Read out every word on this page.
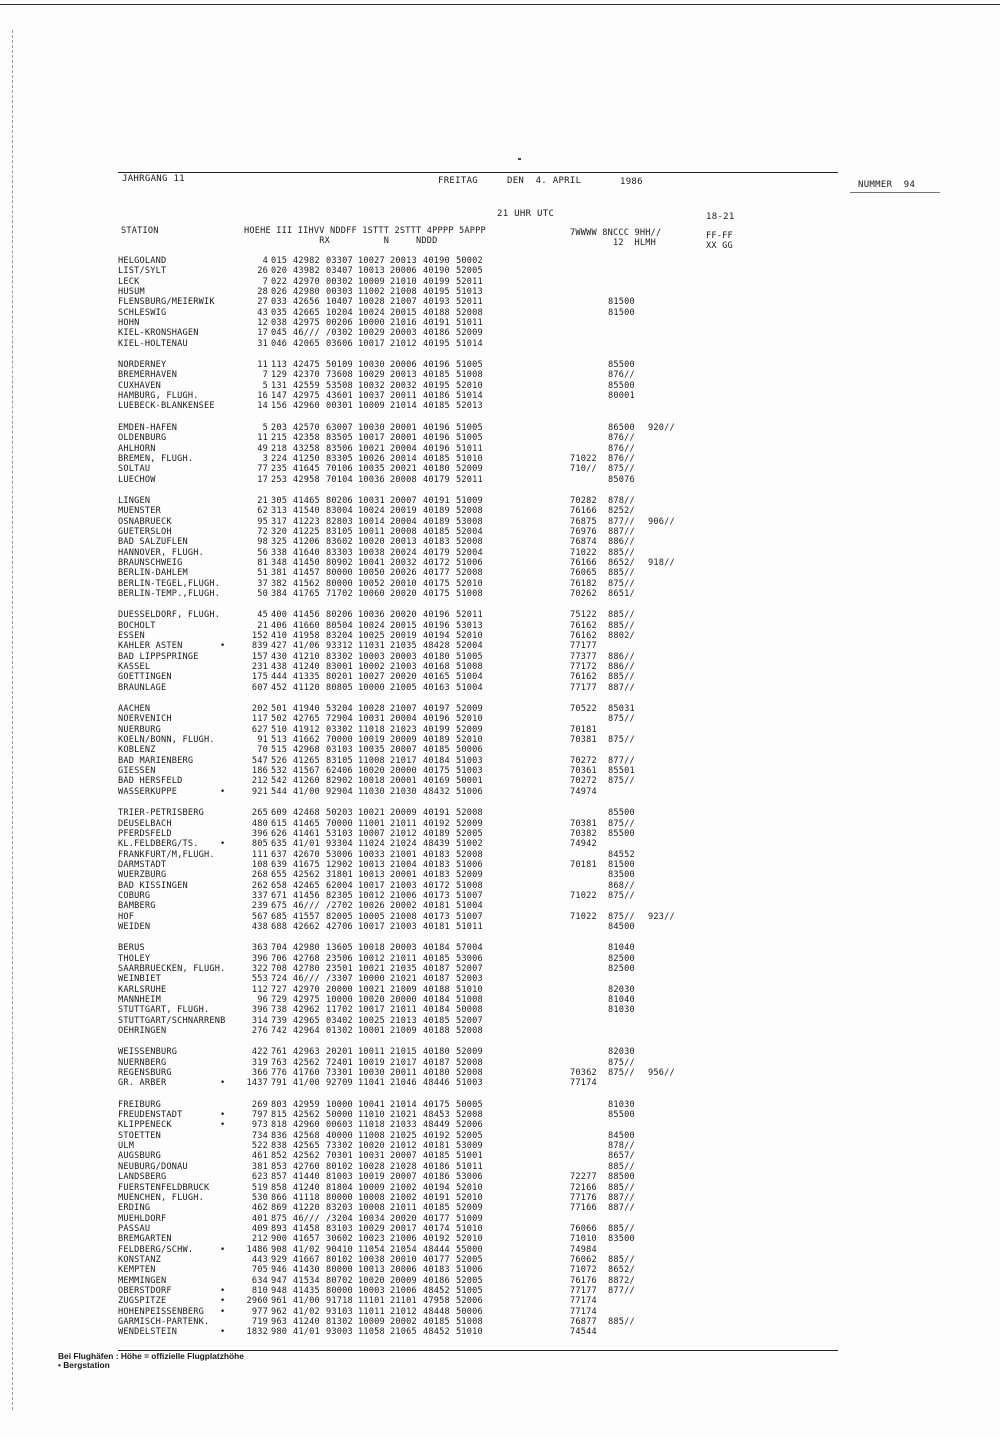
JAHRGANG 11	FREITAG	DEN  4. APRIL	1986	NUMMER  94
21 UHR UTC	18-21
STATION	HOEHE III IIHVV NDDFF 1STTT 2STTT 4PPPP 5APPP
RX          N     NDDD
7WWWW 8NCCC 9HH//
12  HLMH
FF-FF
XX GG
HELGOLAND	4 015 42982 03307 10027 20013 40190 50002
LIST/SYLT	26 020 43982 03407 10013 20006 40190 52005
LECK	7 022 42970 00302 10009 21010 40199 52011
HUSUM	28 026 42980 00303 11002 21008 40195 51013
FLENSBURG/MEIERWIK	27 033 42656 10407 10028 21007 40193 52011	81500
SCHLESWIG	43 035 42665 10204 10024 20015 40188 52008	81500
HOHN	12 038 42975 00206 10000 21016 40191 51011
KIEL-KRONSHAGEN	17 045 46/// /0302 10029 20003 40186 52009
KIEL-HOLTENAU	31 046 42065 03606 10017 21012 40195 51014
NORDERNEY	11 113 42475 50109 10030 20006 40196 51005	85500
BREMERHAVEN	7 129 42370 73608 10029 20013 40185 51008	876//
CUXHAVEN	5 131 42559 53508 10032 20032 40195 52010	85500
HAMBURG, FLUGH.	16 147 42975 43601 10037 20011 40186 51014	80001
LUEBECK-BLANKENSEE	14 156 42960 00301 10009 21014 40185 52013
EMDEN-HAFEN	5 203 42570 63007 10030 20001 40196 51005	86500 920//
OLDENBURG	11 215 42358 83505 10017 20001 40196 51005	876//
AHLHORN	49 218 43258 83506 10021 20004 40196 51011	876//
BREMEN, FLUGH.	3 224 41250 83305 10026 20014 40185 51010	71022 876//
SOLTAU	77 235 41645 70106 10035 20021 40180 52009	710// 875//
LUECHOW	17 253 42958 70104 10036 20008 40179 52011	85076
LINGEN	21 305 41465 80206 10031 20007 40191 51009	70282 878//
MUENSTER	62 313 41540 83004 10024 20019 40189 52008	76166 8252/
OSNABRUECK	95 317 41223 82803 10014 20004 40189 53008	76875 877// 906//
GUETERSLOH	72 320 41225 83105 10011 20008 40185 52004	76976 887//
BAD SALZUFLEN	98 325 41206 83602 10020 20013 40183 52008	76874 886//
HANNOVER, FLUGH.	56 338 41640 83303 10038 20024 40179 52004	71022 885//
BRAUNSCHWEIG	81 348 41450 80902 10041 20032 40172 51006	76166 8652/ 918//
BERLIN-DAHLEM	51 381 41457 80000 10050 20026 40177 52008	76065 885//
BERLIN-TEGEL,FLUGH.	37 382 41562 80000 10052 20010 40175 52010	76182 875//
BERLIN-TEMP.,FLUGH.	50 384 41765 71702 10060 20020 40175 51008	70262 8651/
DUESSELDORF, FLUGH.	45 400 41456 80206 10036 20020 40196 52011	75122 885//
BOCHOLT	21 406 41660 80504 10024 20015 40196 53013	76162 885//
ESSEN	152 410 41958 83204 10025 20019 40194 52010	76162 8802/
KAHLER ASTEN	•	839 427 41/06 93312 11031 21035 48428 52004	77177
BAD LIPPSPRINGE	157 430 41210 83302 10003 20003 40180 51005	77377 886//
KASSEL	231 438 41240 83001 10002 21003 40168 51008	77172 886//
GOETTINGEN	175 444 41335 80201 10027 20020 40165 51004	76162 885//
BRAUNLAGE	607 452 41120 80805 10000 21005 40163 51004	77177 887//
AACHEN	202 501 41940 53204 10028 21007 40197 52009	70522 85031
NOERVENICH	117 502 42765 72904 10031 20004 40196 52010	875//
NUERBURG	627 510 41912 03302 11018 21023 40199 52009	70181
KOELN/BONN, FLUGH.	91 513 41662 70000 10019 20009 40189 52010	70381 875//
KOBLENZ	70 515 42968 03103 10035 20007 40185 50006
BAD MARIENBERG	547 526 41265 83105 11008 21017 40184 51003	70272 877//
GIESSEN	186 532 41567 62406 10020 20000 40175 51003	70361 85501
BAD HERSFELD	212 542 41260 82902 10018 20001 40169 50001	70272 875//
WASSERKUPPE	•	921 544 41/00 92904 11030 21030 48432 51006	74974
TRIER-PETRISBERG	265 609 42468 50203 10021 20009 40191 52008	85500
DEUSELBACH	480 615 41465 70000 11001 21011 40192 52009	70381 875//
PFERDSFELD	396 626 41461 53103 10007 21012 40189 52005	70382 85500
KL.FELDBERG/TS.	•	805 635 41/01 93304 11024 21024 48439 51002	74942
FRANKFURT/M,FLUGH.	111 637 42670 53006 10033 21001 40183 52008	84552
DARMSTADT	108 639 41675 12902 10013 21004 40183 51006	70181 81500
WUERZBURG	268 655 42562 31801 10013 20001 40183 52009	83500
BAD KISSINGEN	262 658 42465 62004 10017 21003 40172 51008	868//
COBURG	337 671 41456 82305 10012 21006 40173 51007	71022 875//
BAMBERG	239 675 46/// /2702 10026 20002 40181 51004
HOF	567 685 41557 82005 10005 21008 40173 51007	71022 875// 923//
WEIDEN	438 688 42662 42706 10017 21003 40181 51011	84500
BERUS	363 704 42980 13605 10018 20003 40184 57004	81040
THOLEY	396 706 42768 23506 10012 21011 40185 53006	82500
SAARBRUECKEN, FLUGH.	322 708 42780 23501 10021 21035 40187 52007	82500
WEINBIET	553 724 46/// /3307 10000 21021 40187 52003
KARLSRUHE	112 727 42970 20000 10021 21009 40188 51010	82030
MANNHEIM	96 729 42975 10000 10020 20000 40184 51008	81040
STUTTGART, FLUGH.	396 738 42962 11702 10017 21011 40184 50008	81030
STUTTGART/SCHNARRENB	314 739 42965 03402 10025 21013 40185 52007
OEHRINGEN	276 742 42964 01302 10001 21009 40188 52008
WEISSENBURG	422 761 42963 20201 10011 21015 40180 52009	82030
NUERNBERG	319 763 42562 72401 10019 21017 40187 52008	875//
REGENSBURG	366 776 41760 73301 10030 20011 40180 52008	70362 875// 956//
GR. ARBER	• 1437 791 41/00 92709 11041 21046 48446 51003	77174
FREIBURG	269 803 42959 10000 10041 21014 40175 50005	81030
FREUDENSTADT	•	797 815 42562 50000 11010 21021 48453 52008	85500
KLIPPENECK	•	973 818 42960 00603 11018 21033 48449 52006
STOETTEN	734 836 42568 40000 11008 21025 40192 52005	84500
ULM	522 838 42565 73302 10020 21012 40181 53009	878//
AUGSBURG	461 852 42562 70301 10031 20007 40185 51001	8657/
NEUBURG/DONAU	381 853 42760 80102 10028 21028 40186 51011	885//
LANDSBERG	623 857 41440 81003 10019 20007 40186 53006	72277 88500
FUERSTENFELDBRUCK	519 858 41240 81804 10009 21002 40194 52010	72166 885//
MUENCHEN, FLUGH.	530 866 41118 80000 10008 21002 40191 52010	77176 887//
ERDING	462 869 41220 83203 10008 21011 40185 52009	77166 887//
MUEHLDORF	401 875 46/// /3204 10034 20020 40177 51009
PASSAU	409 893 41458 83103 10029 20017 40174 51010	76066 885//
BREMGARTEN	212 900 41657 30602 10023 21006 40192 52010	71010 83500
FELDBERG/SCHW.	• 1486 908 41/02 90410 11054 21054 48444 55000	74984
KONSTANZ	443 929 41667 80102 10038 20010 40177 52005	76062 885//
KEMPTEN	705 946 41430 80000 10013 20006 40183 51006	71072 8652/
MEMMINGEN	634 947 41534 80702 10020 20009 40186 52005	76176 8872/
OBERSTDORF	•	810 948 41435 80000 10003 21006 48452 51005	77177 877//
ZUGSPITZE	• 2960 961 41/00 91718 11101 21101 47958 52006	77174
HOHENPEISSENBERG	•	977 962 41/02 93103 11011 21012 48448 50006	77174
GARMISCH-PARTENK.	719 963 41240 81302 10009 20002 40185 51008	76877 885//
WENDELSTEIN	• 1832 980 41/01 93003 11058 21065 48452 51010	74544
Bei Flughäfen : Höhe = offizielle Flugplatzhöhe
• Bergstation
